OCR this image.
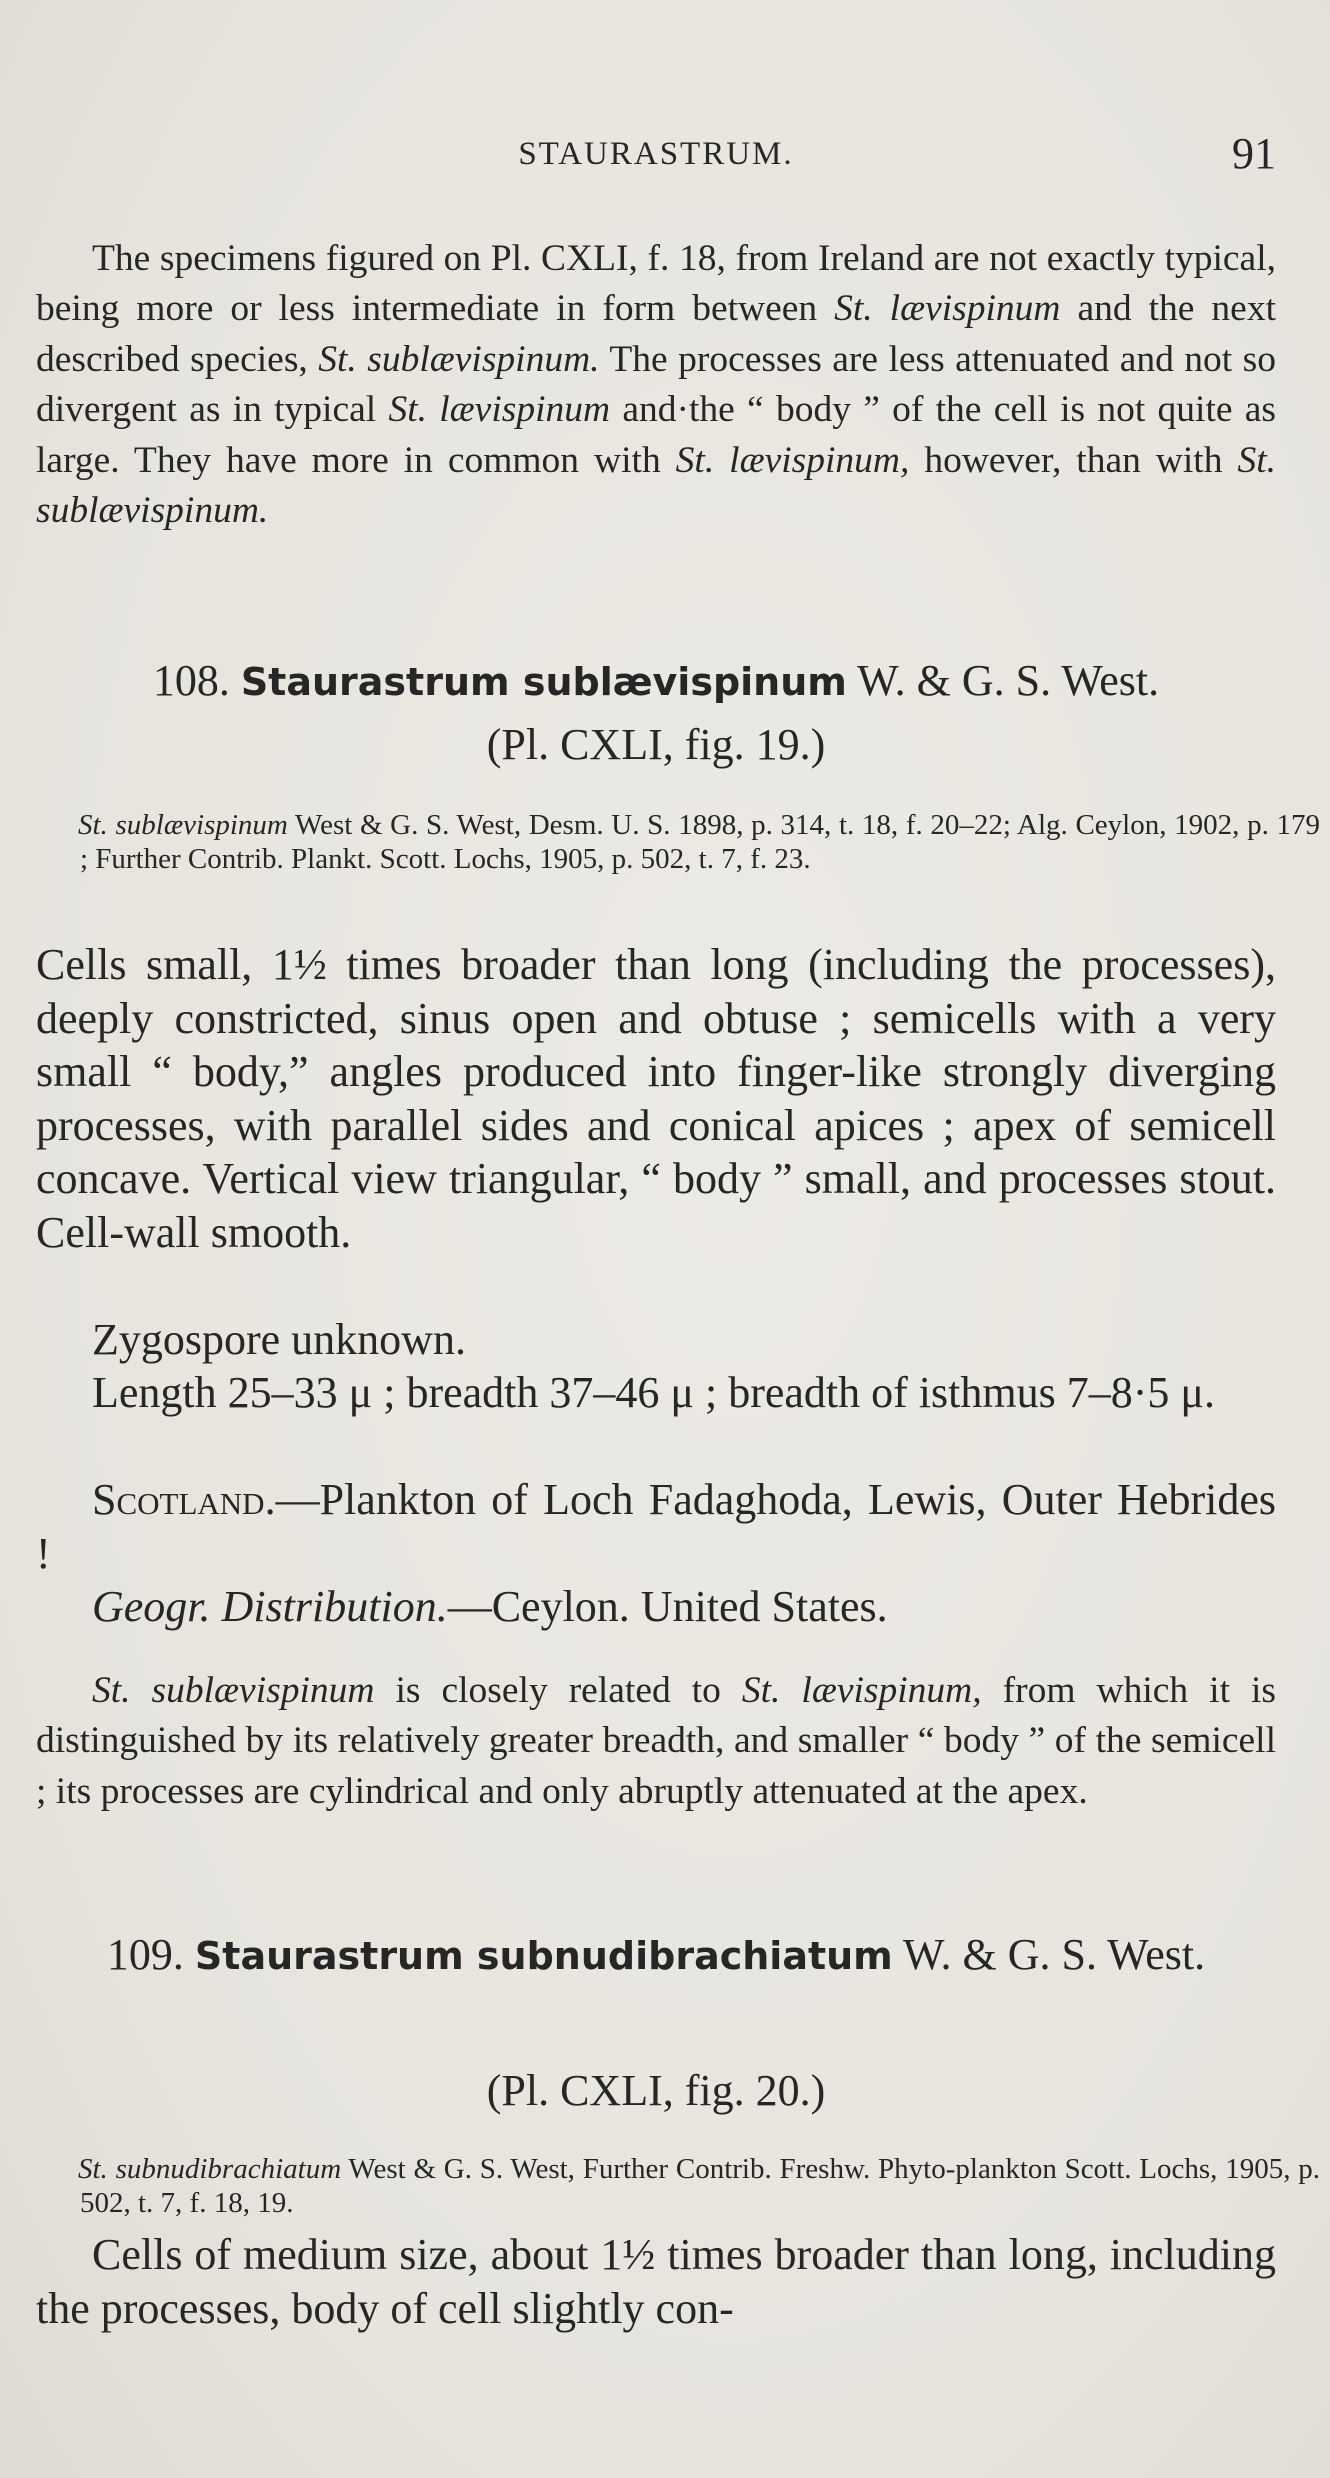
STAURASTRUM.	91
The specimens figured on Pl. CXLI, f. 18, from Ireland are not exactly typical, being more or less intermediate in form between St. lævispinum and the next described species, St. sublævispinum. The processes are less attenuated and not so divergent as in typical St. lævispinum and·the “ body ” of the cell is not quite as large. They have more in common with St. lævispinum, however, than with St. sublævispinum.
108. Staurastrum sublævispinum W. & G. S. West.
(Pl. CXLI, fig. 19.)
St. sublævispinum West & G. S. West, Desm. U. S. 1898, p. 314, t. 18, f. 20–22; Alg. Ceylon, 1902, p. 179 ; Further Contrib. Plankt. Scott. Lochs, 1905, p. 502, t. 7, f. 23.
Cells small, 1½ times broader than long (including the processes), deeply constricted, sinus open and obtuse ; semicells with a very small “ body,” angles produced into finger-like strongly diverging processes, with parallel sides and conical apices ; apex of semicell concave. Vertical view triangular, “ body ” small, and processes stout. Cell-wall smooth.
Zygospore unknown.
Length 25–33 μ ; breadth 37–46 μ ; breadth of isthmus 7–8·5 μ.
Scotland.—Plankton of Loch Fadaghoda, Lewis, Outer Hebrides !
Geogr. Distribution.—Ceylon. United States.
St. sublævispinum is closely related to St. lævispinum, from which it is distinguished by its relatively greater breadth, and smaller “ body ” of the semicell ; its processes are cylindrical and only abruptly attenuated at the apex.
109. Staurastrum subnudibrachiatum W. & G. S. West.
(Pl. CXLI, fig. 20.)
St. subnudibrachiatum West & G. S. West, Further Contrib. Freshw. Phyto-plankton Scott. Lochs, 1905, p. 502, t. 7, f. 18, 19.
Cells of medium size, about 1½ times broader than long, including the processes, body of cell slightly con-
